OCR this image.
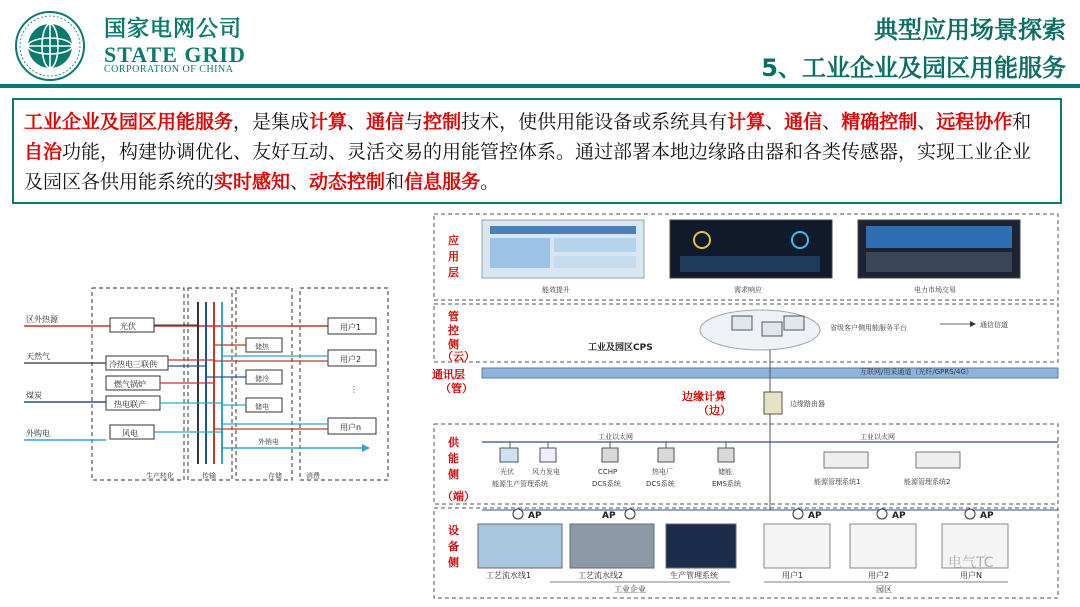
国家电网公司
STATE GRID
CORPORATION OF CHINA
典型应用场景探索
5、工业企业及园区用能服务
工业企业及园区用能服务，是集成计算、通信与控制技术，使供用能设备或系统具有计算、通信、精确控制、远程协作和自治功能，构建协调优化、友好互动、灵活交易的用能管控体系。通过部署本地边缘路由器和各类传感器，实现工业企业及园区各供用能系统的实时感知、动态控制和信息服务。
区外热源
天然气
煤炭
外购电
光伏
冷热电三联供
燃气锅炉
热电联产
风电
储热
储冷
储电
用户1
用户2
⋮
用户n
外销电
生产转化	传输	存储	消费
应
用
层
管
控
侧
（云）
通讯层
（管）
供
能
侧
（端）
设
备
侧
能效提升	需求响应	电力市场交易
省级客户侧用能服务平台	通信信道
工业及园区CPS
互联网/用采通道（光纤/GPRS/4G）
边缘计算
（边）	边缘路由器
工业以太网	工业以太网
光伏	风力发电	CCHP	热电厂	储能
能源生产管理系统	DCS系统	DCS系统	EMS系统	能源管理系统1	能源管理系统2
AP	AP	AP	AP	AP
工艺流水线1	工艺流水线2	生产管理系统	用户1	用户2	用户N
工业企业	园区
电气TC
